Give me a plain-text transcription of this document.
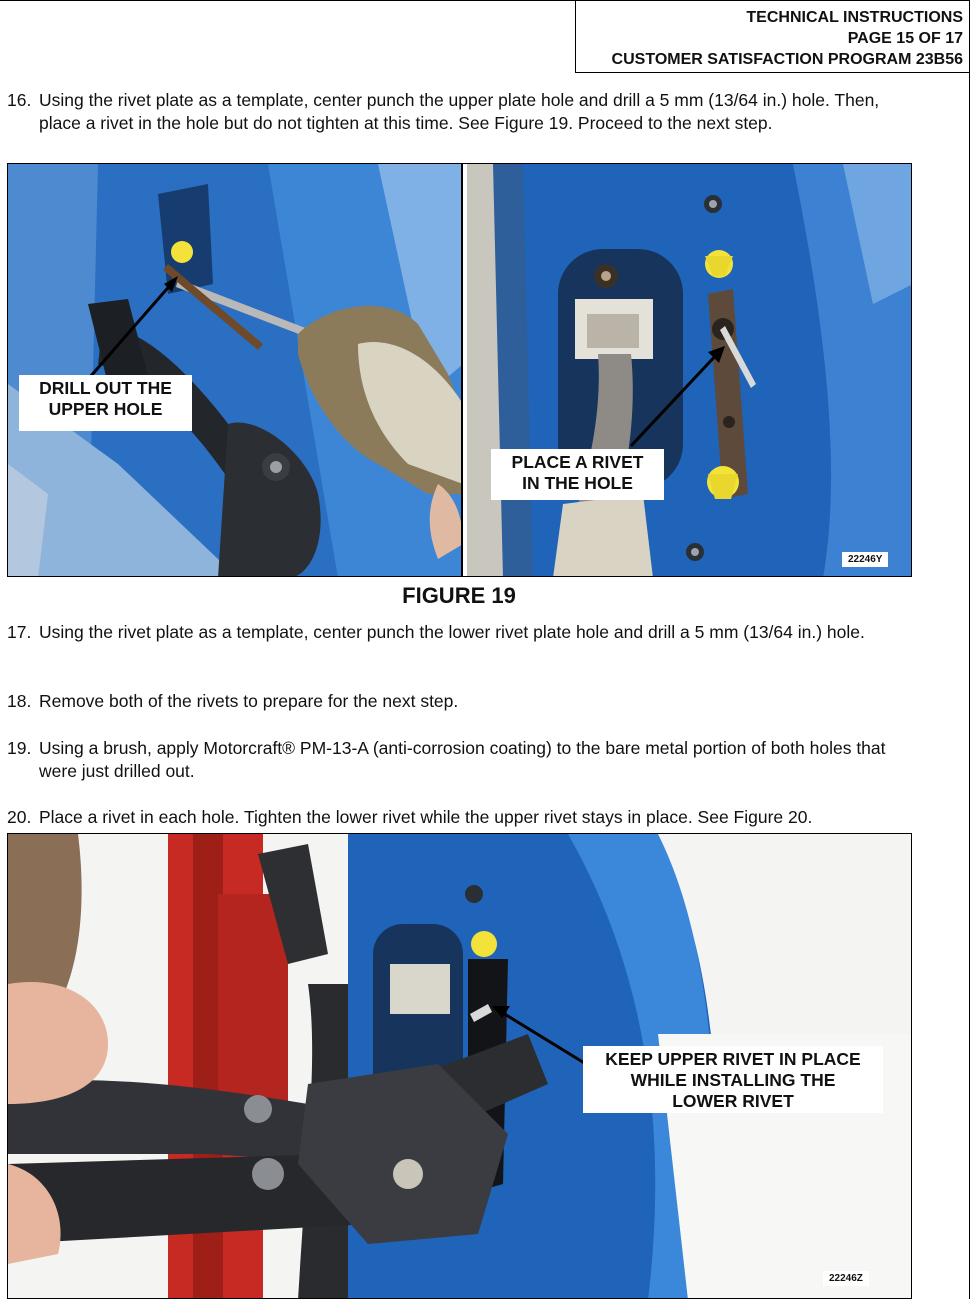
TECHNICAL INSTRUCTIONS
PAGE 15 OF 17
CUSTOMER SATISFACTION PROGRAM 23B56
16. Using the rivet plate as a template, center punch the upper plate hole and drill a 5 mm (13/64 in.) hole. Then, place a rivet in the hole but do not tighten at this time. See Figure 19. Proceed to the next step.
DRILL OUT THE
UPPER HOLE
PLACE A RIVET
IN THE HOLE
22246Y
FIGURE 19
17. Using the rivet plate as a template, center punch the lower rivet plate hole and drill a 5 mm (13/64 in.) hole.
18. Remove both of the rivets to prepare for the next step.
19. Using a brush, apply Motorcraft® PM-13-A (anti-corrosion coating) to the bare metal portion of both holes that were just drilled out.
20. Place a rivet in each hole. Tighten the lower rivet while the upper rivet stays in place. See Figure 20.
KEEP UPPER RIVET IN PLACE
WHILE INSTALLING THE
LOWER RIVET
22246Z
